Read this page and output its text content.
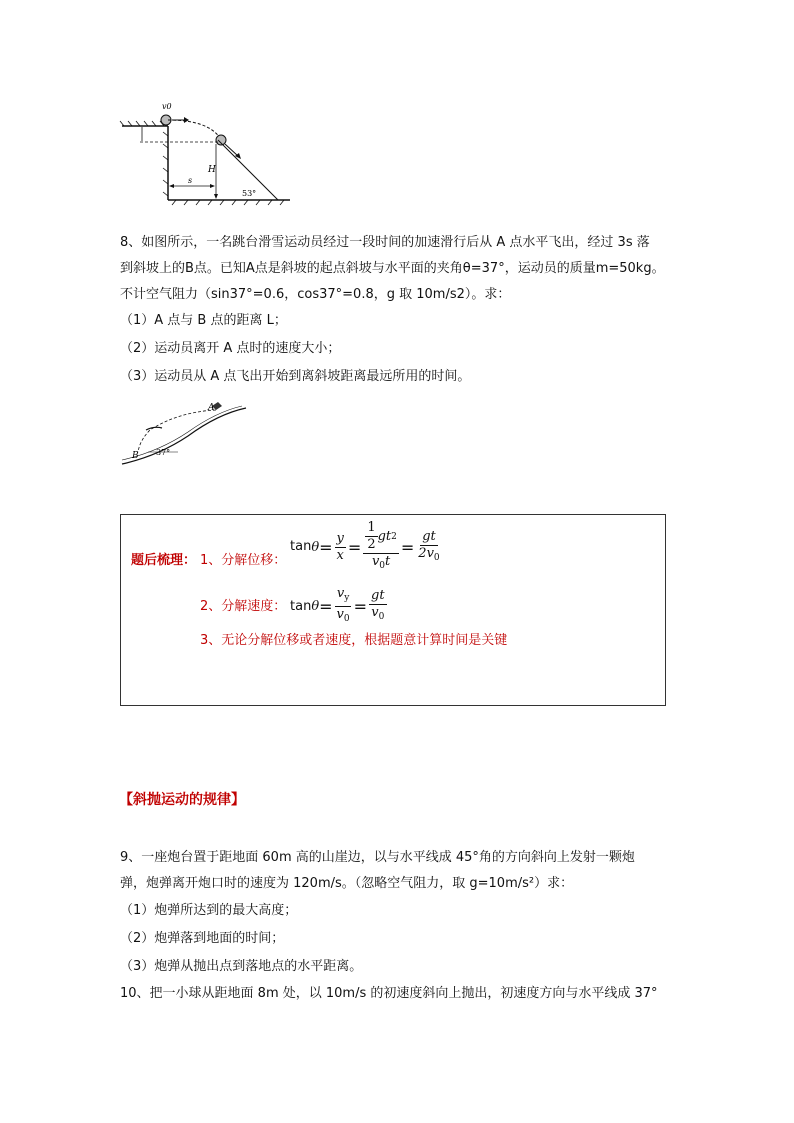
v0
H
s
53°
8、如图所示，一名跳台滑雪运动员经过一段时间的加速滑行后从 A 点水平飞出，经过 3s 落
到斜坡上的B点。已知A点是斜坡的起点斜坡与水平面的夹角θ=37°，运动员的质量m=50kg。
不计空气阻力（sin37°=0.6，cos37°=0.8，g 取 10m/s2）。求：
（1）A 点与 B 点的距离 L；
（2）运动员离开 A 点时的速度大小；
（3）运动员从 A 点飞出开始到离斜坡距离最远所用的时间。
A
B 37°
题后梳理： 1、分解位移：
$\tan \theta = \frac{y}{x} = \frac{\frac{1}{2} g t 2}{v_0t} = \frac{gt}{2v_0}$
2、分解速度： $\tan \theta = \frac{v_y}{v_0} = \frac{gt}{v_0}$
3、无论分解位移或者速度，根据题意计算时间是关键
【斜抛运动的规律】
9、一座炮台置于距地面 60m 高的山崖边，以与水平线成 45°角的方向斜向上发射一颗炮
弹，炮弹离开炮口时的速度为 120m/s。（忽略空气阻力，取 g=10m/s²）求：
（1）炮弹所达到的最大高度；
（2）炮弹落到地面的时间；
（3）炮弹从抛出点到落地点的水平距离。
10、把一小球从距地面 8m 处，以 10m/s 的初速度斜向上抛出，初速度方向与水平线成 37°
